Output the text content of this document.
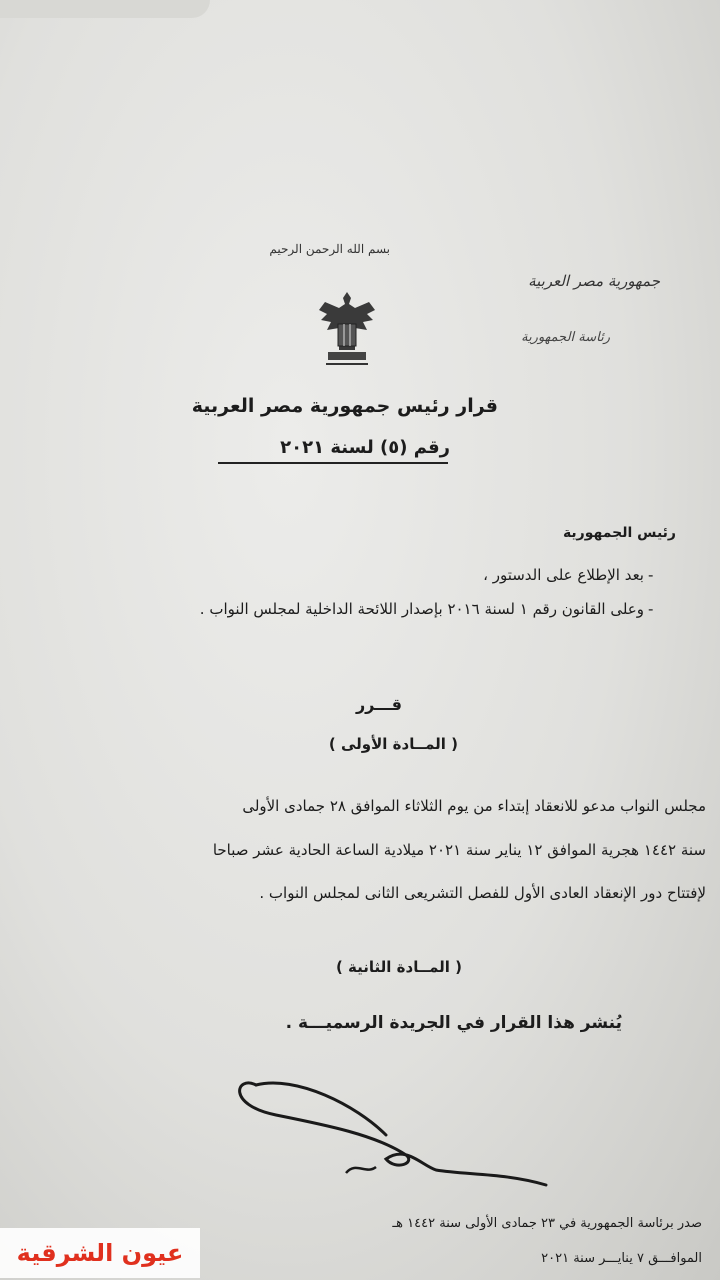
بسم الله الرحمن الرحيم
جمهورية مصر العربية
رئاسة الجمهورية
قرار رئيس جمهورية مصر العربية
رقم (٥) لسنة ٢٠٢١
رئيس الجمهورية
-
بعد الإطلاع على الدستور ،
-
وعلى القانون رقم ١ لسنة ٢٠١٦ بإصدار اللائحة الداخلية لمجلس النواب .
قـــرر
( المــادة الأولى )
مجلس النواب مدعو للانعقاد إبتداء من يوم الثلاثاء الموافق ٢٨ جمادى الأولى
سنة ١٤٤٢ هجرية الموافق ١٢ يناير سنة ٢٠٢١ ميلادية الساعة الحادية عشر صباحا
لإفتتاح دور الإنعقاد العادى الأول للفصل التشريعى الثانى لمجلس النواب .
( المــادة الثانية )
يُنشر هذا القرار في الجريدة الرسميـــة .
صدر برئاسة الجمهورية في ٢٣ جمادى الأولى سنة ١٤٤٢ هـ
الموافـــق ٧ ينايـــر سنة ٢٠٢١
عيون الشرقية
